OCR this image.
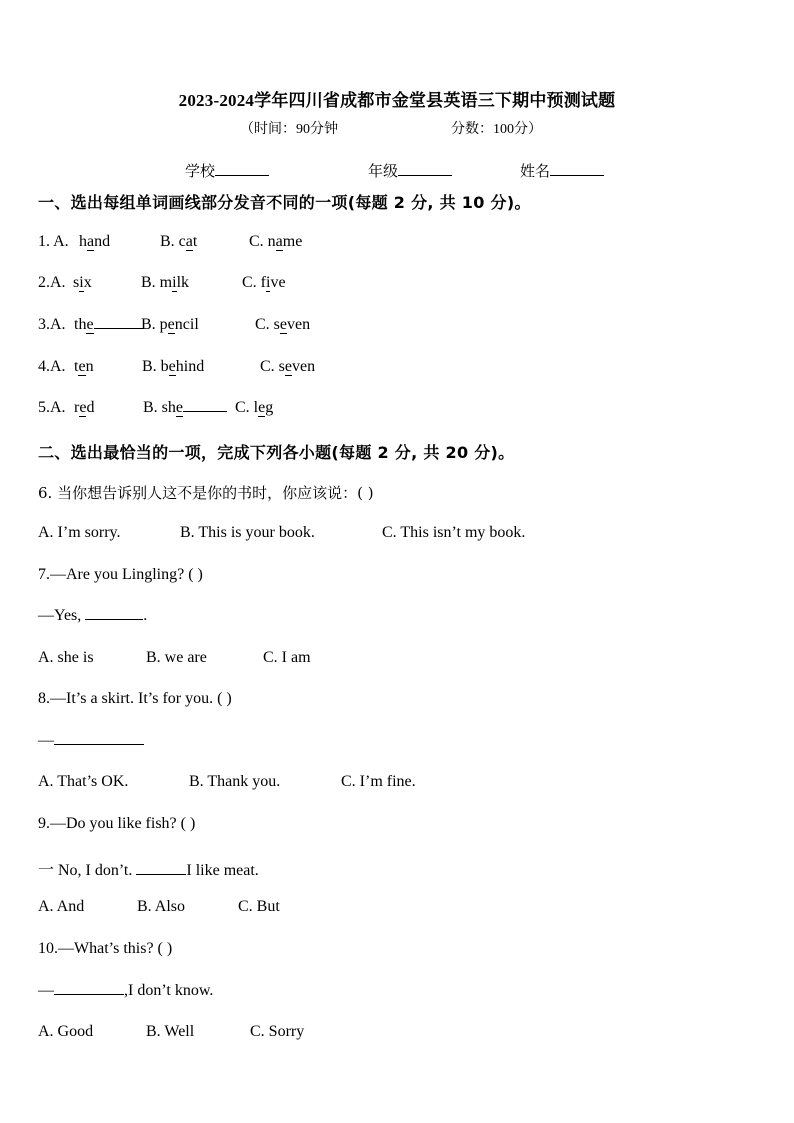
2023-2024学年四川省成都市金堂县英语三下期中预测试题
（时间：90分钟	分数：100分）
学校	年级	姓名
一、选出每组单词画线部分发音不同的一项(每题 2 分, 共 10 分)。
1. A. hand	B. cat	C. name
2.A. six	B. milk	C. five
3.A. the	B. pencil	C. seven
4.A. ten	B. behind	C. seven
5.A. red	B. she	C. leg
二、选出最恰当的一项，完成下列各小题(每题 2 分, 共 20 分)。
6. 当你想告诉别人这不是你的书时，你应该说：( )
A. I’m sorry.	B. This is your book.	C. This isn’t my book.
7.—Are you Lingling? ( )
—Yes,	.
A. she is	B. we are	C. I am
8.—It’s a skirt. It’s for you. ( )
—
A. That’s OK.	B. Thank you.	C. I’m fine.
9.—Do you like fish? ( )
一 No, I don’t.	I like meat.
A. And	B. Also	C. But
10.—What’s this? ( )
—	,I don’t know.
A. Good	B. Well	C. Sorry
